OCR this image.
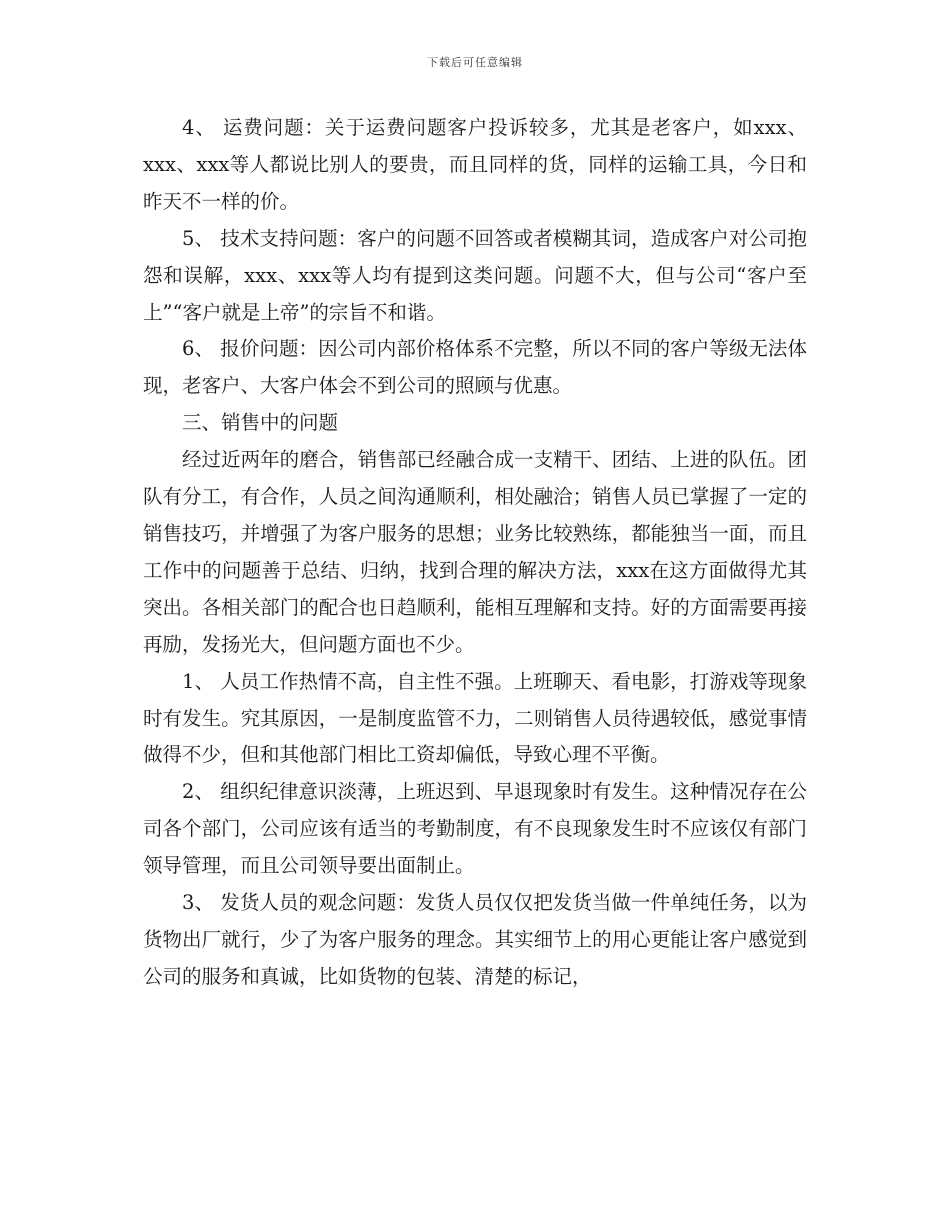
下载后可任意编辑

4、 运费问题：关于运费问题客户投诉较多，尤其是老客户，如xxx、xxx、xxx等人都说比别人的要贵，而且同样的货，同样的运输工具，今日和昨天不一样的价。

5、 技术支持问题：客户的问题不回答或者模糊其词，造成客户对公司抱怨和误解，xxx、xxx等人均有提到这类问题。问题不大，但与公司“客户至上”“客户就是上帝”的宗旨不和谐。

6、 报价问题：因公司内部价格体系不完整，所以不同的客户等级无法体现，老客户、大客户体会不到公司的照顾与优惠。

三、销售中的问题

经过近两年的磨合，销售部已经融合成一支精干、团结、上进的队伍。团队有分工，有合作，人员之间沟通顺利，相处融洽；销售人员已掌握了一定的销售技巧，并增强了为客户服务的思想；业务比较熟练，都能独当一面，而且工作中的问题善于总结、归纳，找到合理的解决方法，xxx在这方面做得尤其突出。各相关部门的配合也日趋顺利，能相互理解和支持。好的方面需要再接再励，发扬光大，但问题方面也不少。

1、 人员工作热情不高，自主性不强。上班聊天、看电影，打游戏等现象时有发生。究其原因，一是制度监管不力，二则销售人员待遇较低，感觉事情做得不少，但和其他部门相比工资却偏低，导致心理不平衡。

2、 组织纪律意识淡薄，上班迟到、早退现象时有发生。这种情况存在公司各个部门，公司应该有适当的考勤制度，有不良现象发生时不应该仅有部门领导管理，而且公司领导要出面制止。

3、 发货人员的观念问题：发货人员仅仅把发货当做一件单纯任务，以为货物出厂就行，少了为客户服务的理念。其实细节上的用心更能让客户感觉到公司的服务和真诚，比如货物的包装、清楚的标记，
